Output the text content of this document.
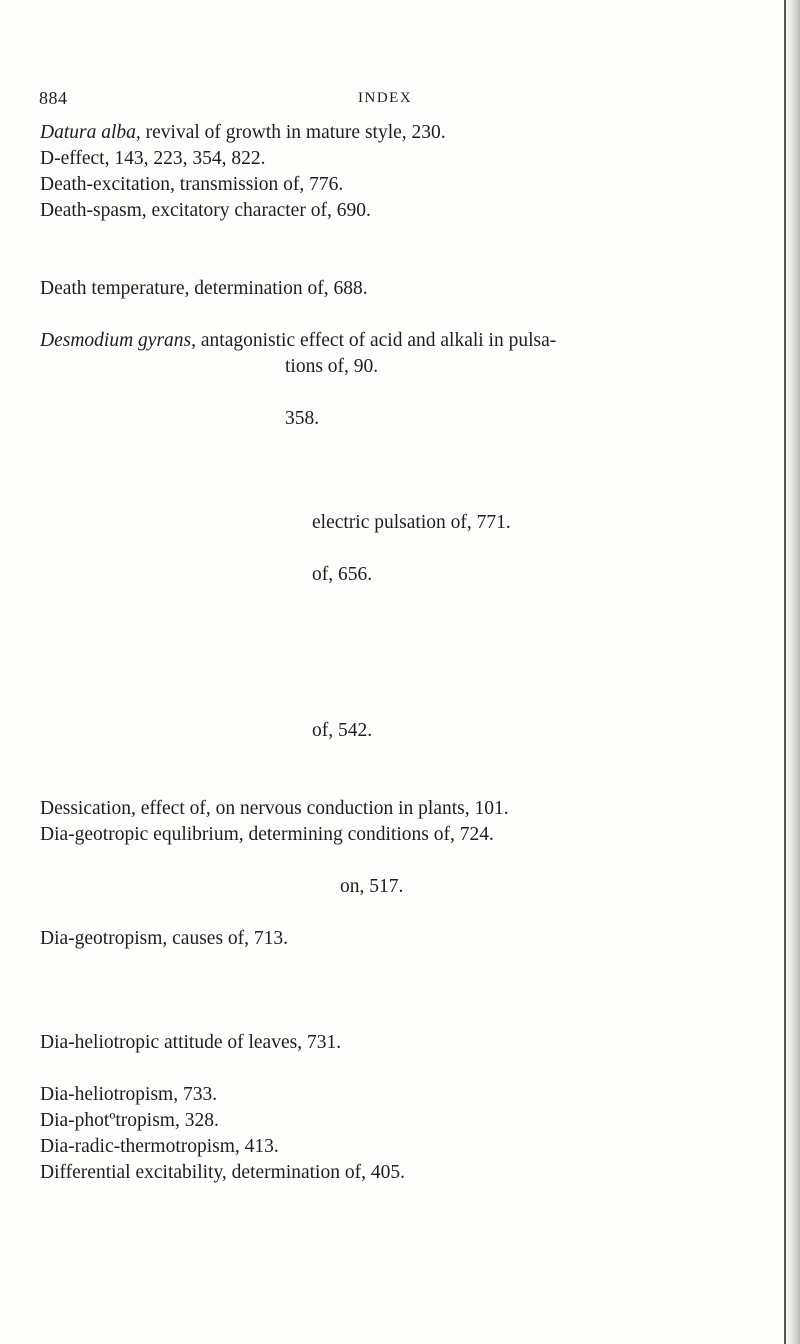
884	INDEX
Datura alba, revival of growth in mature style, 230.
D-effect, 143, 223, 354, 822.
Death-excitation, transmission of, 776.
Death-spasm, excitatory character of, 690.
Death temperature, determination of, 688.
Desmodium gyrans, antagonistic effect of acid and alkali in pulsa-
tions of, 90.
358.
electric pulsation of, 771.
of, 656.
of, 542.
Dessication, effect of, on nervous conduction in plants, 101.
Dia-geotropic equlibrium, determining conditions of, 724.
on, 517.
Dia-geotropism, causes of, 713.
Dia-heliotropic attitude of leaves, 731.
Dia-heliotropism, 733.
Dia-photºtropism, 328.
Dia-radic-thermotropism, 413.
Differential excitability, determination of, 405.
